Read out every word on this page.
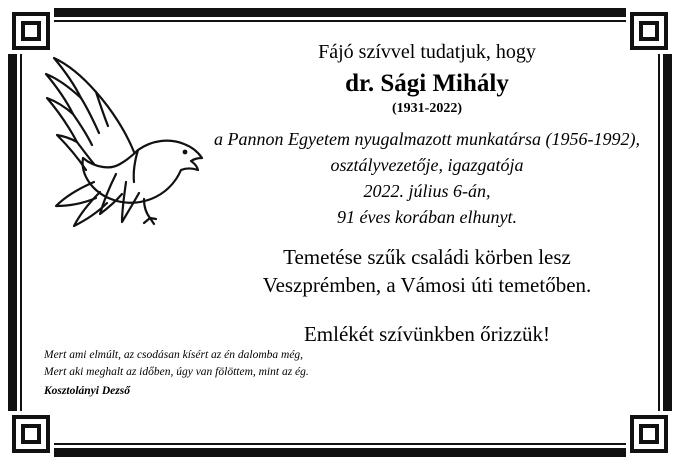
Fájó szívvel tudatjuk, hogy
dr. Sági Mihály
(1931-2022)
a Pannon Egyetem nyugalmazott munkatársa (1956-1992),
osztályvezetője, igazgatója
2022. július 6-án,
91 éves korában elhunyt.
Temetése szűk családi körben lesz
Veszprémben, a Vámosi úti temetőben.
Emlékét szívünkben őrizzük!
Mert ami elmúlt, az csodásan kísért az én dalomba még,
Mert aki meghalt az időben, úgy van fölöttem, mint az ég.
Kosztolányi Dezső
